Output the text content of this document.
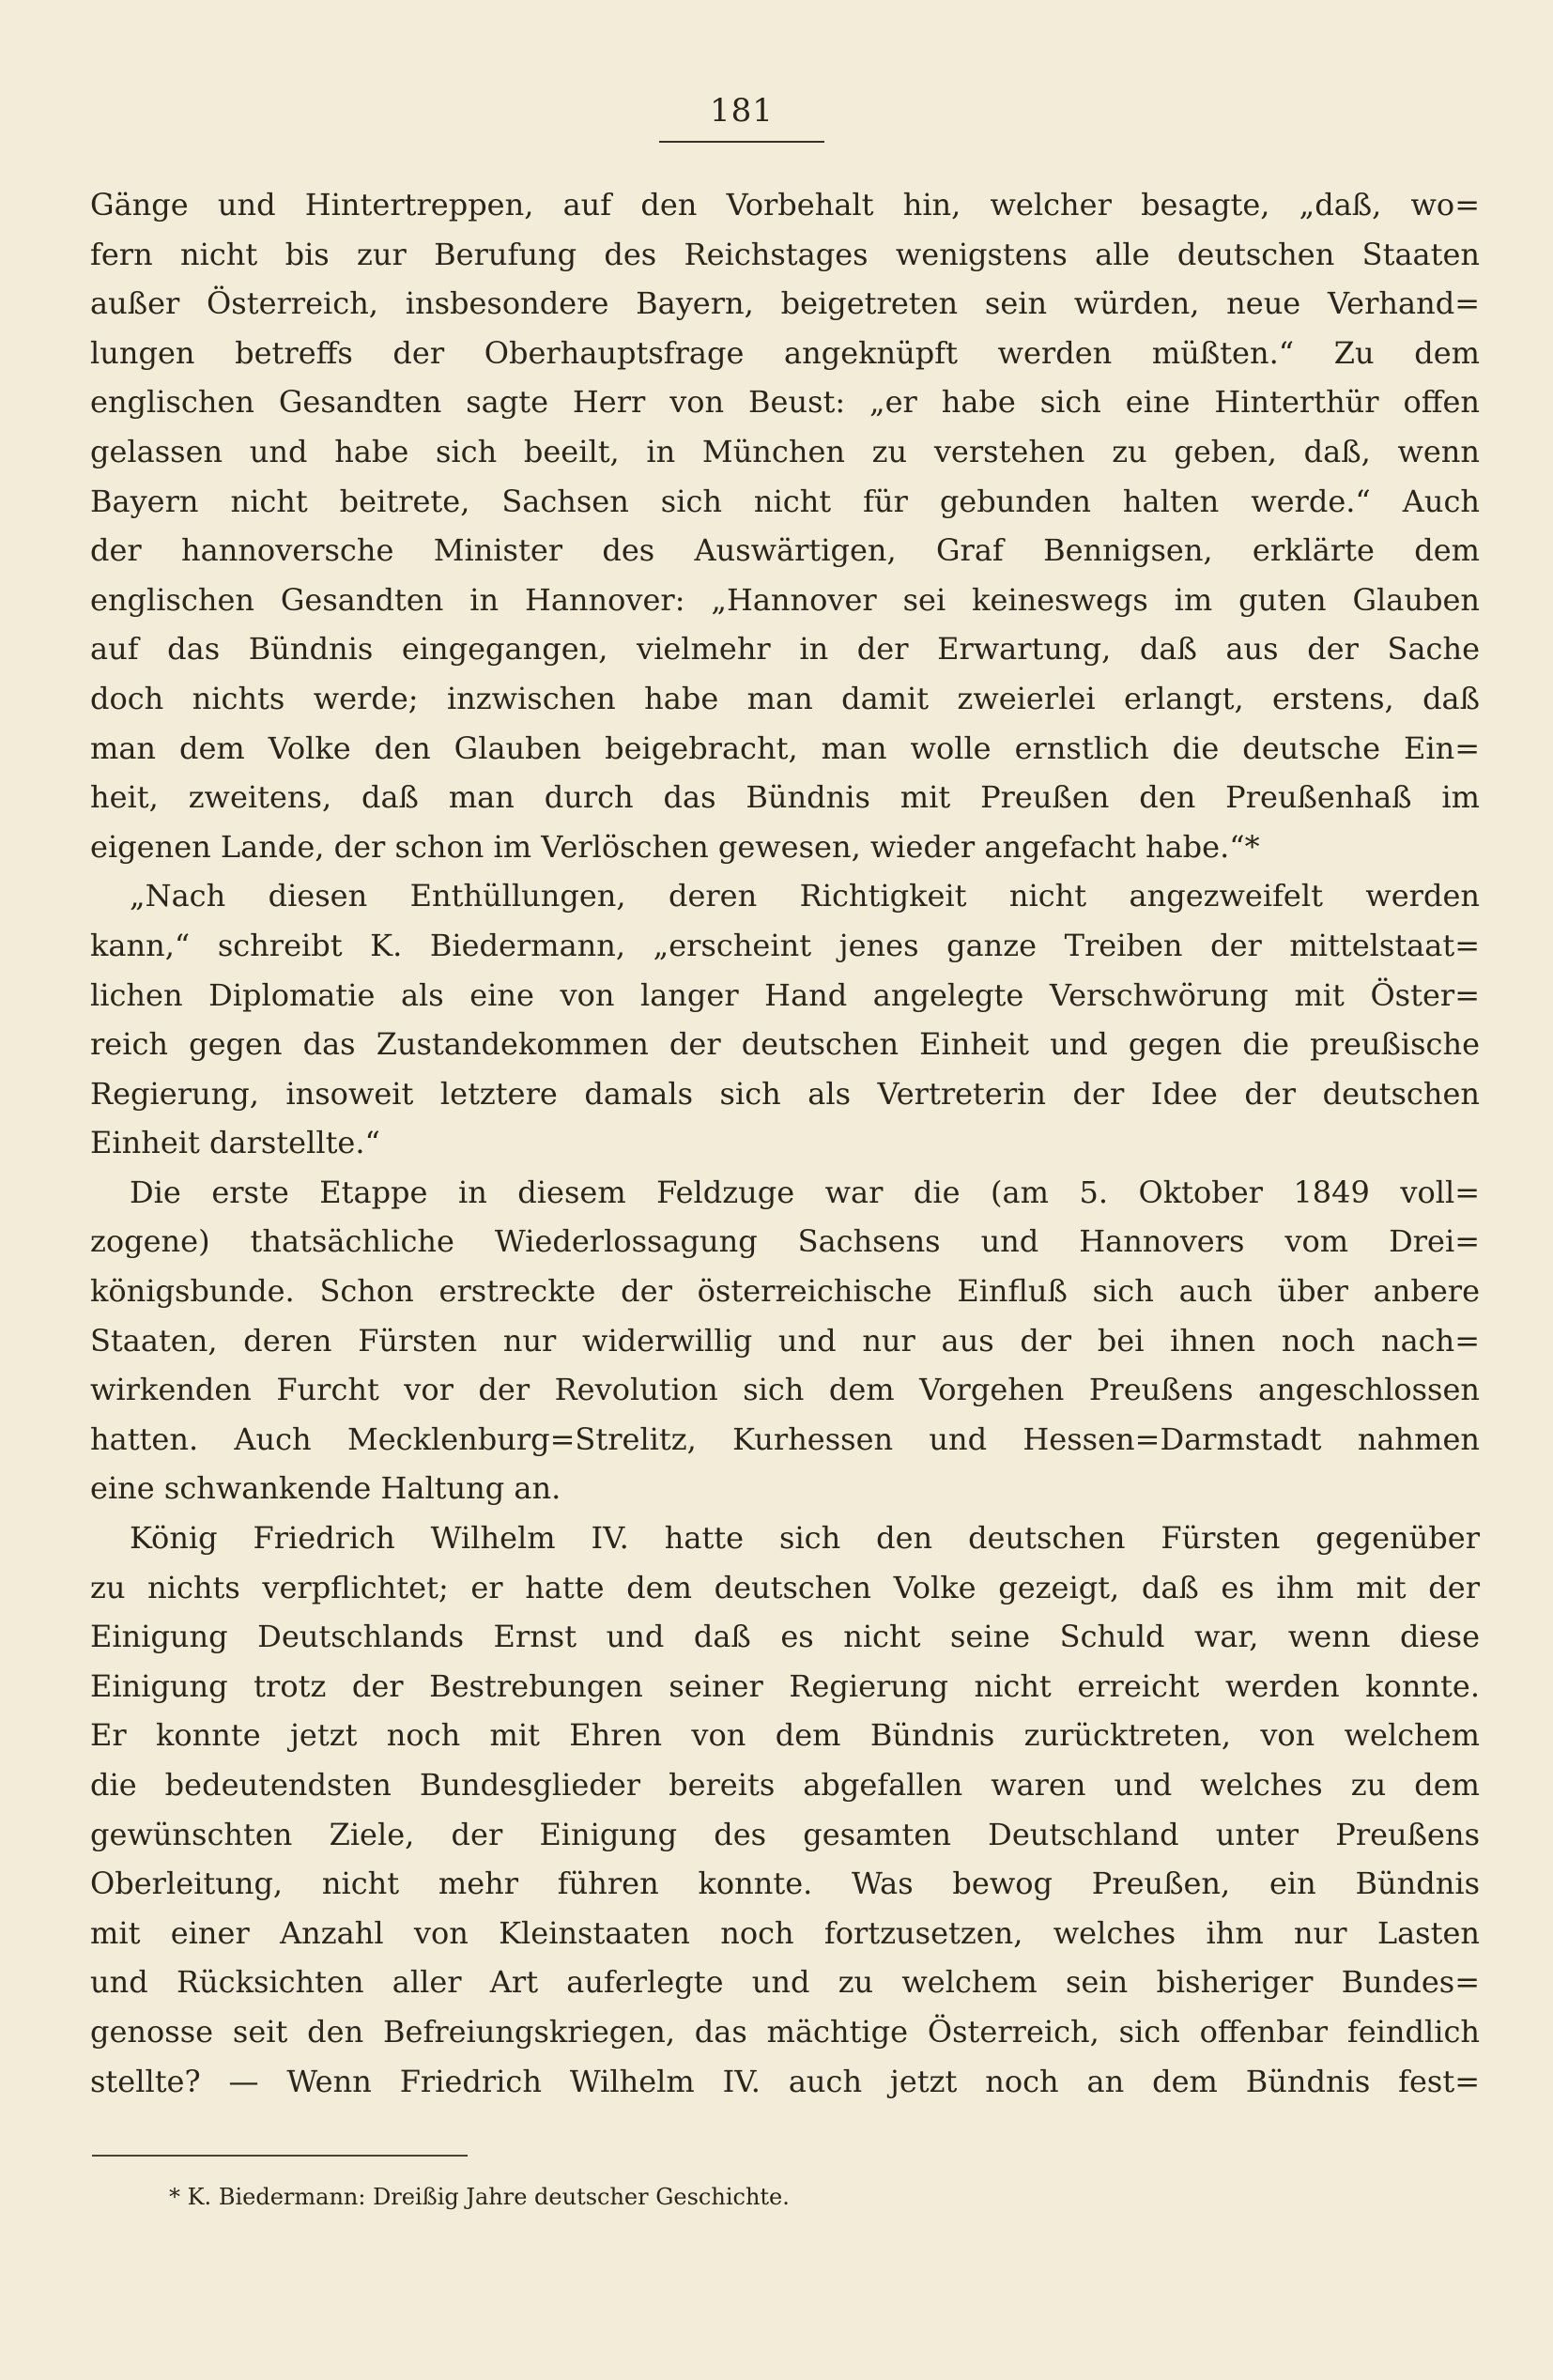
181
Gänge und Hintertreppen, auf den Vorbehalt hin, welcher besagte, „daß, wo=
fern nicht bis zur Berufung des Reichstages wenigstens alle deutschen Staaten
außer Österreich, insbesondere Bayern, beigetreten sein würden, neue Verhand=
lungen betreffs der Oberhauptsfrage angeknüpft werden müßten.“ Zu dem
englischen Gesandten sagte Herr von Beust: „er habe sich eine Hinterthür offen
gelassen und habe sich beeilt, in München zu verstehen zu geben, daß, wenn
Bayern nicht beitrete, Sachsen sich nicht für gebunden halten werde.“ Auch
der hannoversche Minister des Auswärtigen, Graf Bennigsen, erklärte dem
englischen Gesandten in Hannover: „Hannover sei keineswegs im guten Glauben
auf das Bündnis eingegangen, vielmehr in der Erwartung, daß aus der Sache
doch nichts werde; inzwischen habe man damit zweierlei erlangt, erstens, daß
man dem Volke den Glauben beigebracht, man wolle ernstlich die deutsche Ein=
heit, zweitens, daß man durch das Bündnis mit Preußen den Preußenhaß im
eigenen Lande, der schon im Verlöschen gewesen, wieder angefacht habe.“*
„Nach diesen Enthüllungen, deren Richtigkeit nicht angezweifelt werden
kann,“ schreibt K. Biedermann, „erscheint jenes ganze Treiben der mittelstaat=
lichen Diplomatie als eine von langer Hand angelegte Verschwörung mit Öster=
reich gegen das Zustandekommen der deutschen Einheit und gegen die preußische
Regierung, insoweit letztere damals sich als Vertreterin der Idee der deutschen
Einheit darstellte.“
Die erste Etappe in diesem Feldzuge war die (am 5. Oktober 1849 voll=
zogene) thatsächliche Wiederlossagung Sachsens und Hannovers vom Drei=
königsbunde. Schon erstreckte der österreichische Einfluß sich auch über anbere
Staaten, deren Fürsten nur widerwillig und nur aus der bei ihnen noch nach=
wirkenden Furcht vor der Revolution sich dem Vorgehen Preußens angeschlossen
hatten. Auch Mecklenburg=Strelitz, Kurhessen und Hessen=Darmstadt nahmen
eine schwankende Haltung an.
König Friedrich Wilhelm IV. hatte sich den deutschen Fürsten gegenüber
zu nichts verpflichtet; er hatte dem deutschen Volke gezeigt, daß es ihm mit der
Einigung Deutschlands Ernst und daß es nicht seine Schuld war, wenn diese
Einigung trotz der Bestrebungen seiner Regierung nicht erreicht werden konnte.
Er konnte jetzt noch mit Ehren von dem Bündnis zurücktreten, von welchem
die bedeutendsten Bundesglieder bereits abgefallen waren und welches zu dem
gewünschten Ziele, der Einigung des gesamten Deutschland unter Preußens
Oberleitung, nicht mehr führen konnte. Was bewog Preußen, ein Bündnis
mit einer Anzahl von Kleinstaaten noch fortzusetzen, welches ihm nur Lasten
und Rücksichten aller Art auferlegte und zu welchem sein bisheriger Bundes=
genosse seit den Befreiungskriegen, das mächtige Österreich, sich offenbar feindlich
stellte? — Wenn Friedrich Wilhelm IV. auch jetzt noch an dem Bündnis fest=
* K. Biedermann: Dreißig Jahre deutscher Geschichte.
